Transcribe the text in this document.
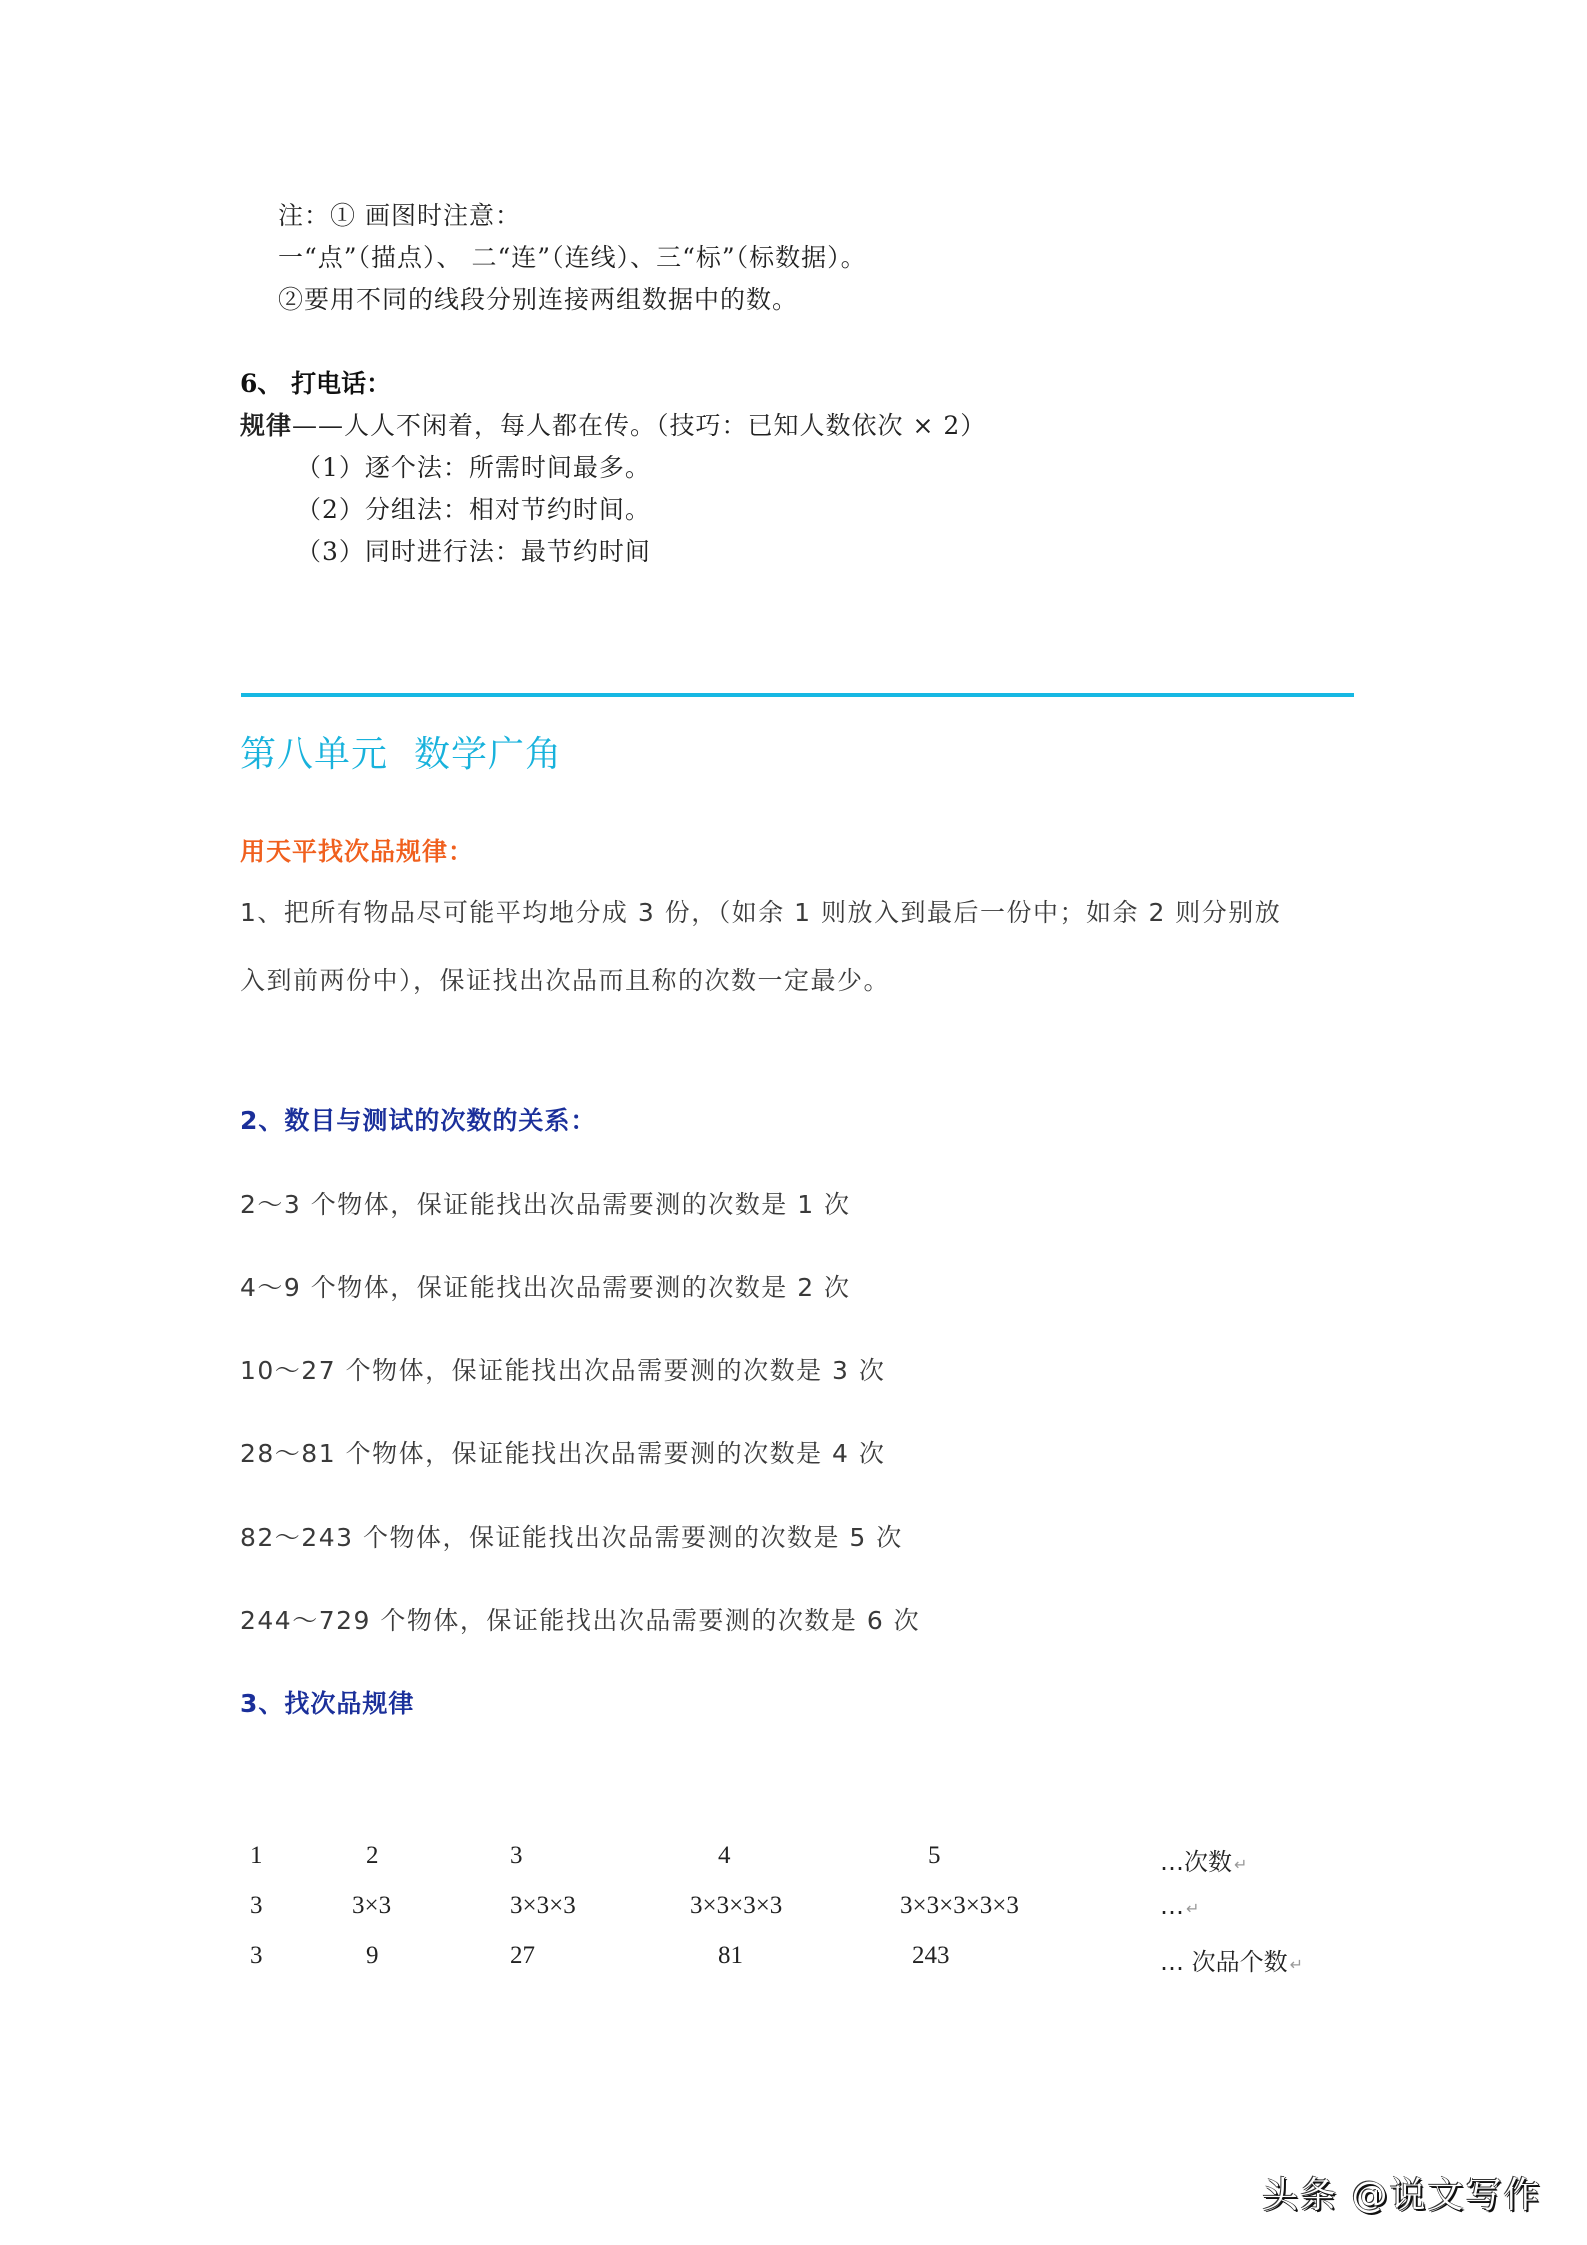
注：① 画图时注意：
一“点”（描点）、 二“连”（连线）、三“标”（标数据）。
②要用不同的线段分别连接两组数据中的数。
6、 打电话：
规律——人人不闲着，每人都在传。（技巧：已知人数依次 × 2）
（1）逐个法：所需时间最多。
（2）分组法：相对节约时间。
（3）同时进行法：最节约时间
第八单元 数学广角
用天平找次品规律：
1、把所有物品尽可能平均地分成 3 份，（如余 1 则放入到最后一份中；如余 2 则分别放
入到前两份中），保证找出次品而且称的次数一定最少。
2、数目与测试的次数的关系：
2～3 个物体，保证能找出次品需要测的次数是 1 次
4～9 个物体，保证能找出次品需要测的次数是 2 次
10～27 个物体，保证能找出次品需要测的次数是 3 次
28～81 个物体，保证能找出次品需要测的次数是 4 次
82～243 个物体，保证能找出次品需要测的次数是 5 次
244～729 个物体，保证能找出次品需要测的次数是 6 次
3、找次品规律
1	2	3	4	5	…次数 ↵
3	3×3	3×3×3	3×3×3×3	3×3×3×3×3	… ↵
3	9	27	81	243	… 次品个数 ↵
头条 @说文写作
